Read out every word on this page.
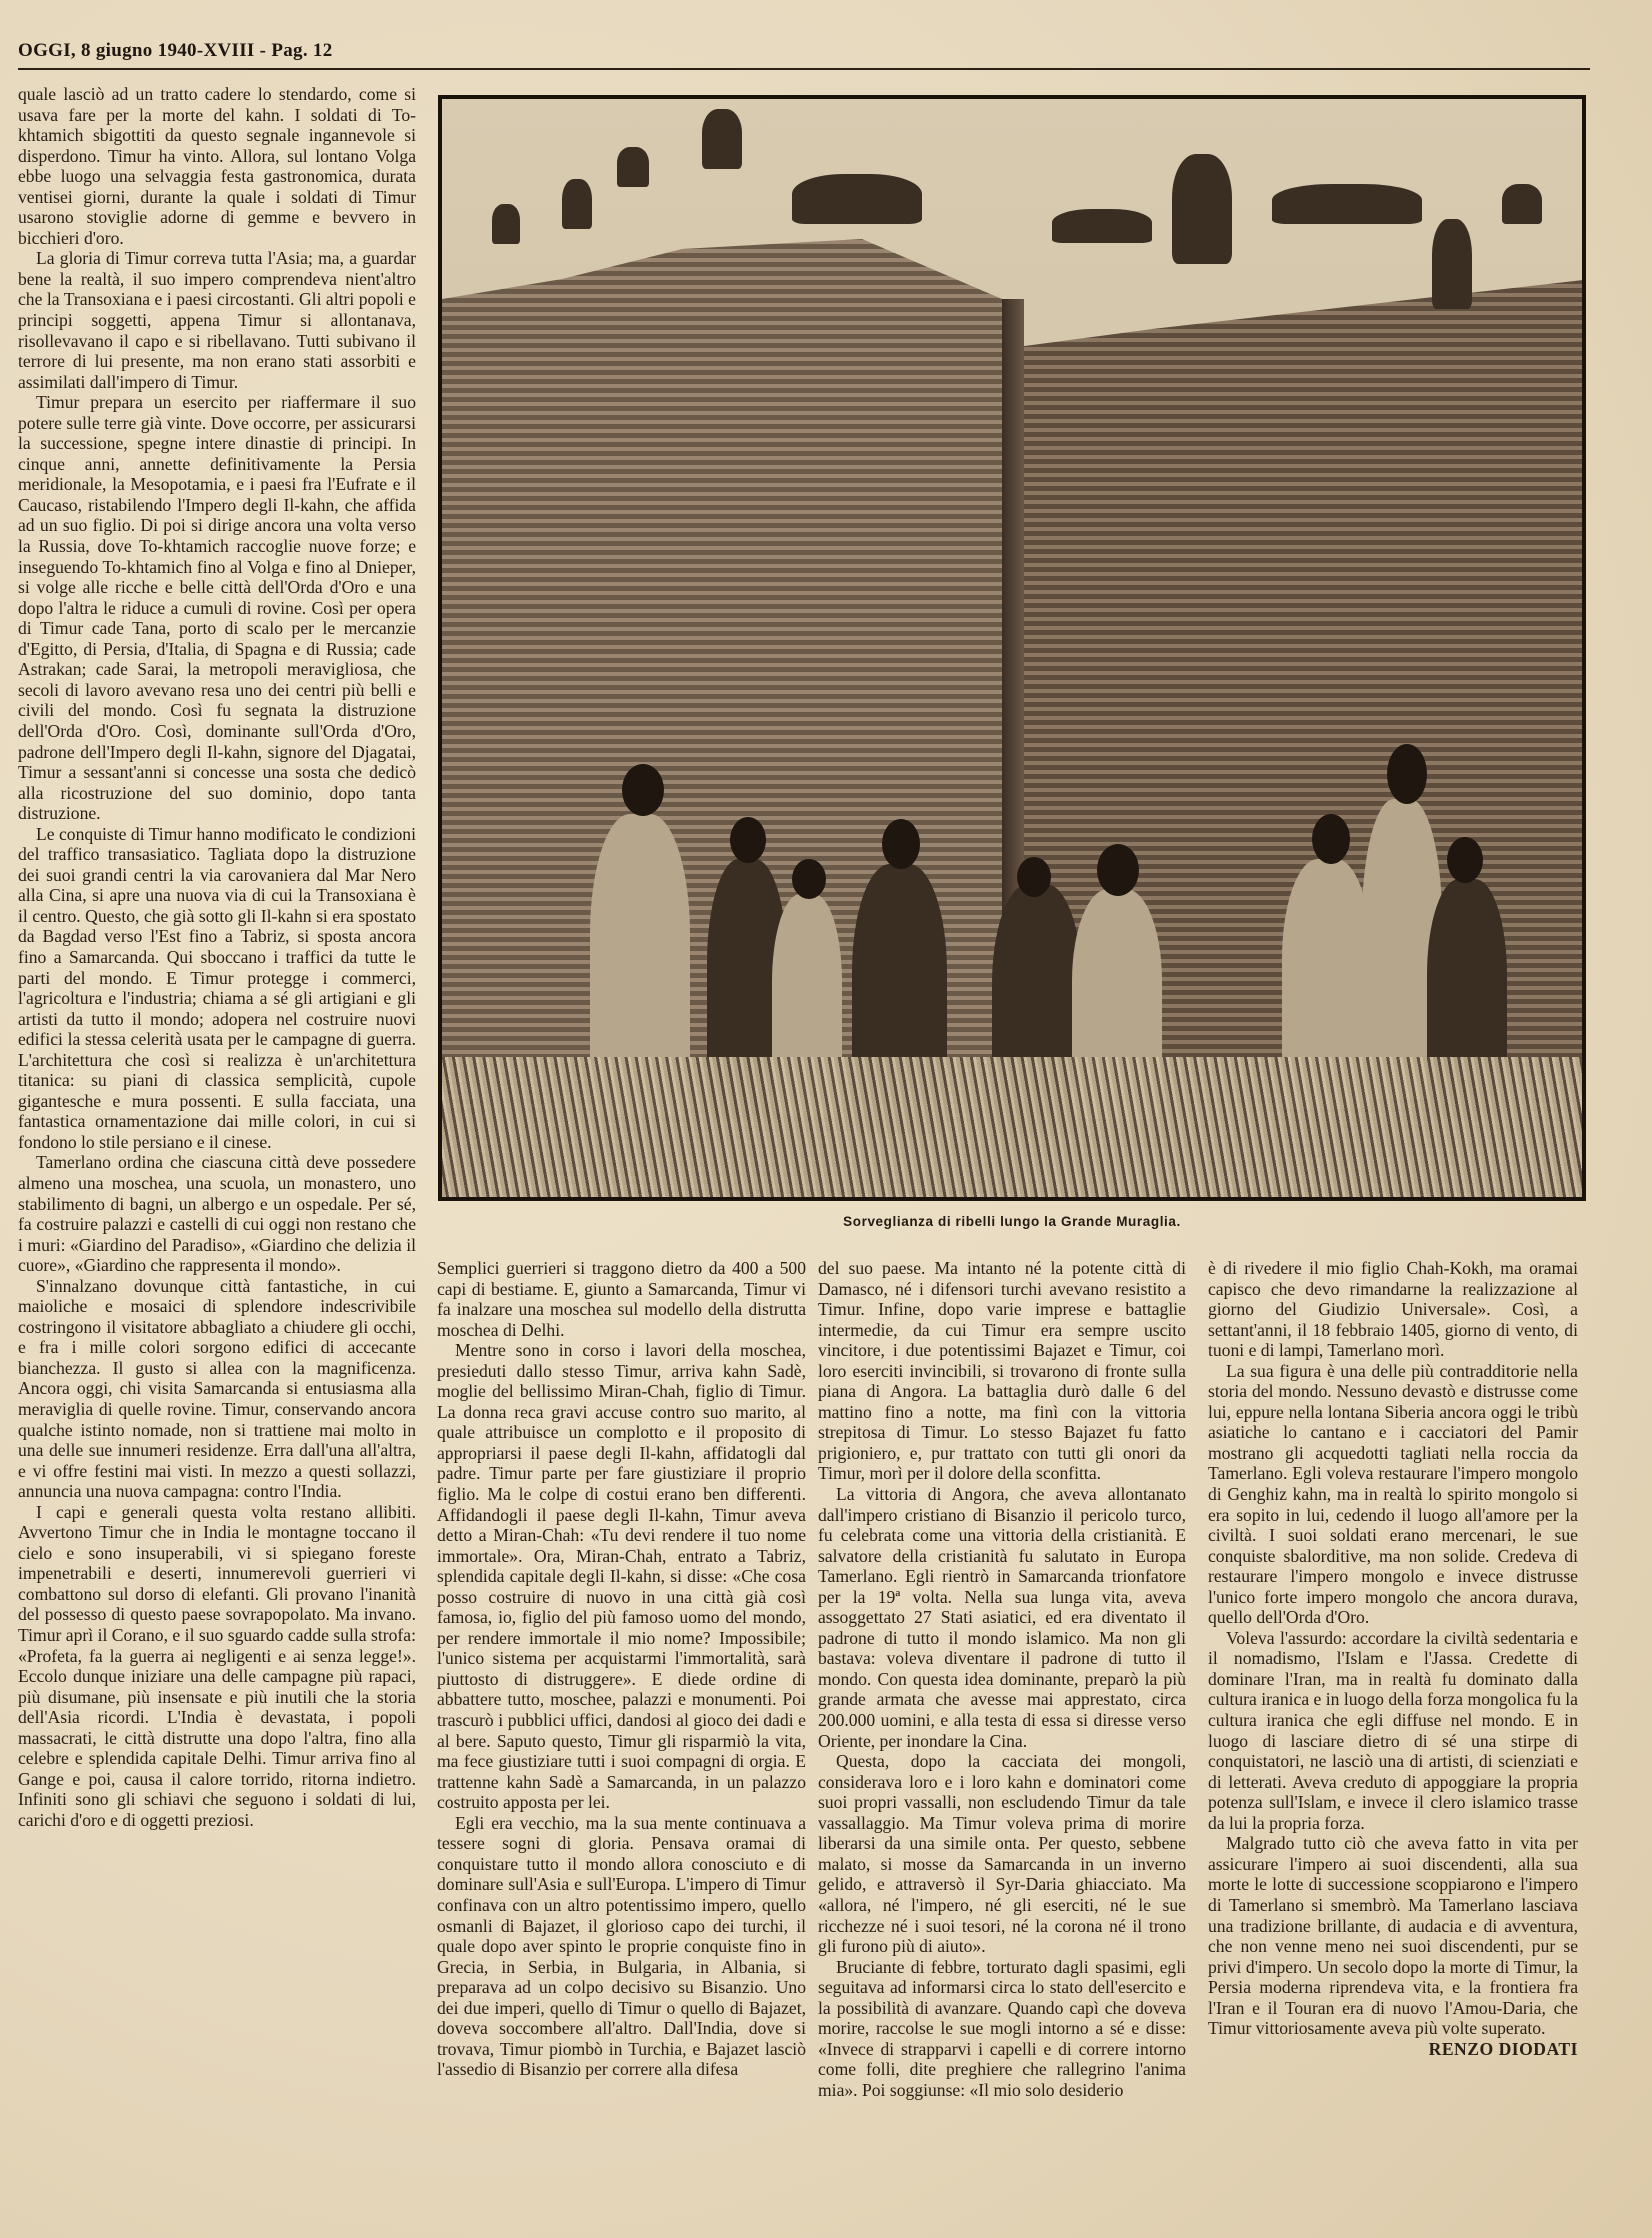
OGGI, 8 giugno 1940-XVIII - Pag. 12

quale lasciò ad un tratto cadere lo stendardo, come si usava fare per la morte del kahn. I soldati di To-khtamich sbigottiti da questo segnale ingannevole si disperdono. Timur ha vinto. Allora, sul lontano Volga ebbe luogo una selvaggia festa gastronomica, durata ventisei giorni, durante la quale i soldati di Timur usarono stoviglie adorne di gemme e bevvero in bicchieri d'oro.

La gloria di Timur correva tutta l'Asia; ma, a guardar bene la realtà, il suo impero comprendeva nient'altro che la Transoxiana e i paesi circostanti. Gli altri popoli e principi soggetti, appena Timur si allontanava, risollevavano il capo e si ribellavano. Tutti subivano il terrore di lui presente, ma non erano stati assorbiti e assimilati dall'impero di Timur.

Timur prepara un esercito per riaffermare il suo potere sulle terre già vinte. Dove occorre, per assicurarsi la successione, spegne intere dinastie di principi. In cinque anni, annette definitivamente la Persia meridionale, la Mesopotamia, e i paesi fra l'Eufrate e il Caucaso, ristabilendo l'Impero degli Il-kahn, che affida ad un suo figlio. Di poi si dirige ancora una volta verso la Russia, dove To-khtamich raccoglie nuove forze; e inseguendo To-khtamich fino al Volga e fino al Dnieper, si volge alle ricche e belle città dell'Orda d'Oro e una dopo l'altra le riduce a cumuli di rovine. Così per opera di Timur cade Tana, porto di scalo per le mercanzie d'Egitto, di Persia, d'Italia, di Spagna e di Russia; cade Astrakan; cade Sarai, la metropoli meravigliosa, che secoli di lavoro avevano resa uno dei centri più belli e civili del mondo. Così fu segnata la distruzione dell'Orda d'Oro. Così, dominante sull'Orda d'Oro, padrone dell'Impero degli Il-kahn, signore del Djagatai, Timur a sessant'anni si concesse una sosta che dedicò alla ricostruzione del suo dominio, dopo tanta distruzione.

Le conquiste di Timur hanno modificato le condizioni del traffico transasiatico. Tagliata dopo la distruzione dei suoi grandi centri la via carovaniera dal Mar Nero alla Cina, si apre una nuova via di cui la Transoxiana è il centro. Questo, che già sotto gli Il-kahn si era spostato da Bagdad verso l'Est fino a Tabriz, si sposta ancora fino a Samarcanda. Qui sboccano i traffici da tutte le parti del mondo. E Timur protegge i commerci, l'agricoltura e l'industria; chiama a sé gli artigiani e gli artisti da tutto il mondo; adopera nel costruire nuovi edifici la stessa celerità usata per le campagne di guerra. L'architettura che così si realizza è un'architettura titanica: su piani di classica semplicità, cupole gigantesche e mura possenti. E sulla facciata, una fantastica ornamentazione dai mille colori, in cui si fondono lo stile persiano e il cinese.

Tamerlano ordina che ciascuna città deve possedere almeno una moschea, una scuola, un monastero, uno stabilimento di bagni, un albergo e un ospedale. Per sé, fa costruire palazzi e castelli di cui oggi non restano che i muri: «Giardino del Paradiso», «Giardino che delizia il cuore», «Giardino che rappresenta il mondo».

S'innalzano dovunque città fantastiche, in cui maioliche e mosaici di splendore indescrivibile costringono il visitatore abbagliato a chiudere gli occhi, e fra i mille colori sorgono edifici di accecante bianchezza. Il gusto si allea con la magnificenza. Ancora oggi, chi visita Samarcanda si entusiasma alla meraviglia di quelle rovine. Timur, conservando ancora qualche istinto nomade, non si trattiene mai molto in una delle sue innumeri residenze. Erra dall'una all'altra, e vi offre festini mai visti. In mezzo a questi sollazzi, annuncia una nuova campagna: contro l'India.

I capi e generali questa volta restano allibiti. Avvertono Timur che in India le montagne toccano il cielo e sono insuperabili, vi si spiegano foreste impenetrabili e deserti, innumerevoli guerrieri vi combattono sul dorso di elefanti. Gli provano l'inanità del possesso di questo paese sovrapopolato. Ma invano. Timur aprì il Corano, e il suo sguardo cadde sulla strofa: «Profeta, fa la guerra ai negligenti e ai senza legge!». Eccolo dunque iniziare una delle campagne più rapaci, più disumane, più insensate e più inutili che la storia dell'Asia ricordi. L'India è devastata, i popoli massacrati, le città distrutte una dopo l'altra, fino alla celebre e splendida capitale Delhi. Timur arriva fino al Gange e poi, causa il calore torrido, ritorna indietro. Infiniti sono gli schiavi che seguono i soldati di lui, carichi d'oro e di oggetti preziosi.

Sorveglianza di ribelli lungo la Grande Muraglia.

Semplici guerrieri si traggono dietro da 400 a 500 capi di bestiame. E, giunto a Samarcanda, Timur vi fa inalzare una moschea sul modello della distrutta moschea di Delhi.

Mentre sono in corso i lavori della moschea, presieduti dallo stesso Timur, arriva kahn Sadè, moglie del bellissimo Miran-Chah, figlio di Timur. La donna reca gravi accuse contro suo marito, al quale attribuisce un complotto e il proposito di appropriarsi il paese degli Il-kahn, affidatogli dal padre. Timur parte per fare giustiziare il proprio figlio. Ma le colpe di costui erano ben differenti. Affidandogli il paese degli Il-kahn, Timur aveva detto a Miran-Chah: «Tu devi rendere il tuo nome immortale». Ora, Miran-Chah, entrato a Tabriz, splendida capitale degli Il-kahn, si disse: «Che cosa posso costruire di nuovo in una città già così famosa, io, figlio del più famoso uomo del mondo, per rendere immortale il mio nome? Impossibile; l'unico sistema per acquistarmi l'immortalità, sarà piuttosto di distruggere». E diede ordine di abbattere tutto, moschee, palazzi e monumenti. Poi trascurò i pubblici uffici, dandosi al gioco dei dadi e al bere. Saputo questo, Timur gli risparmiò la vita, ma fece giustiziare tutti i suoi compagni di orgia. E trattenne kahn Sadè a Samarcanda, in un palazzo costruito apposta per lei.

Egli era vecchio, ma la sua mente continuava a tessere sogni di gloria. Pensava oramai di conquistare tutto il mondo allora conosciuto e di dominare sull'Asia e sull'Europa. L'impero di Timur confinava con un altro potentissimo impero, quello osmanli di Bajazet, il glorioso capo dei turchi, il quale dopo aver spinto le proprie conquiste fino in Grecia, in Serbia, in Bulgaria, in Albania, si preparava ad un colpo decisivo su Bisanzio. Uno dei due imperi, quello di Timur o quello di Bajazet, doveva soccombere all'altro. Dall'India, dove si trovava, Timur piombò in Turchia, e Bajazet lasciò l'assedio di Bisanzio per correre alla difesa

del suo paese. Ma intanto né la potente città di Damasco, né i difensori turchi avevano resistito a Timur. Infine, dopo varie imprese e battaglie intermedie, da cui Timur era sempre uscito vincitore, i due potentissimi Bajazet e Timur, coi loro eserciti invincibili, si trovarono di fronte sulla piana di Angora. La battaglia durò dalle 6 del mattino fino a notte, ma finì con la vittoria strepitosa di Timur. Lo stesso Bajazet fu fatto prigioniero, e, pur trattato con tutti gli onori da Timur, morì per il dolore della sconfitta.

La vittoria di Angora, che aveva allontanato dall'impero cristiano di Bisanzio il pericolo turco, fu celebrata come una vittoria della cristianità. E salvatore della cristianità fu salutato in Europa Tamerlano. Egli rientrò in Samarcanda trionfatore per la 19ª volta. Nella sua lunga vita, aveva assoggettato 27 Stati asiatici, ed era diventato il padrone di tutto il mondo islamico. Ma non gli bastava: voleva diventare il padrone di tutto il mondo. Con questa idea dominante, preparò la più grande armata che avesse mai apprestato, circa 200.000 uomini, e alla testa di essa si diresse verso Oriente, per inondare la Cina.

Questa, dopo la cacciata dei mongoli, considerava loro e i loro kahn e dominatori come suoi propri vassalli, non escludendo Timur da tale vassallaggio. Ma Timur voleva prima di morire liberarsi da una simile onta. Per questo, sebbene malato, si mosse da Samarcanda in un inverno gelido, e attraversò il Syr-Daria ghiacciato. Ma «allora, né l'impero, né gli eserciti, né le sue ricchezze né i suoi tesori, né la corona né il trono gli furono più di aiuto».

Bruciante di febbre, torturato dagli spasimi, egli seguitava ad informarsi circa lo stato dell'esercito e la possibilità di avanzare. Quando capì che doveva morire, raccolse le sue mogli intorno a sé e disse: «Invece di strapparvi i capelli e di correre intorno come folli, dite preghiere che rallegrino l'anima mia». Poi soggiunse: «Il mio solo desiderio

è di rivedere il mio figlio Chah-Kokh, ma oramai capisco che devo rimandarne la realizzazione al giorno del Giudizio Universale». Così, a settant'anni, il 18 febbraio 1405, giorno di vento, di tuoni e di lampi, Tamerlano morì.

La sua figura è una delle più contradditorie nella storia del mondo. Nessuno devastò e distrusse come lui, eppure nella lontana Siberia ancora oggi le tribù asiatiche lo cantano e i cacciatori del Pamir mostrano gli acquedotti tagliati nella roccia da Tamerlano. Egli voleva restaurare l'impero mongolo di Genghiz kahn, ma in realtà lo spirito mongolo si era sopito in lui, cedendo il luogo all'amore per la civiltà. I suoi soldati erano mercenari, le sue conquiste sbalorditive, ma non solide. Credeva di restaurare l'impero mongolo e invece distrusse l'unico forte impero mongolo che ancora durava, quello dell'Orda d'Oro.

Voleva l'assurdo: accordare la civiltà sedentaria e il nomadismo, l'Islam e l'Jassa. Credette di dominare l'Iran, ma in realtà fu dominato dalla cultura iranica e in luogo della forza mongolica fu la cultura iranica che egli diffuse nel mondo. E in luogo di lasciare dietro di sé una stirpe di conquistatori, ne lasciò una di artisti, di scienziati e di letterati. Aveva creduto di appoggiare la propria potenza sull'Islam, e invece il clero islamico trasse da lui la propria forza.

Malgrado tutto ciò che aveva fatto in vita per assicurare l'impero ai suoi discendenti, alla sua morte le lotte di successione scoppiarono e l'impero di Tamerlano si smembrò. Ma Tamerlano lasciava una tradizione brillante, di audacia e di avventura, che non venne meno nei suoi discendenti, pur se privi d'impero. Un secolo dopo la morte di Timur, la Persia moderna riprendeva vita, e la frontiera fra l'Iran e il Touran era di nuovo l'Amou-Daria, che Timur vittoriosamente aveva più volte superato.

RENZO DIODATI
